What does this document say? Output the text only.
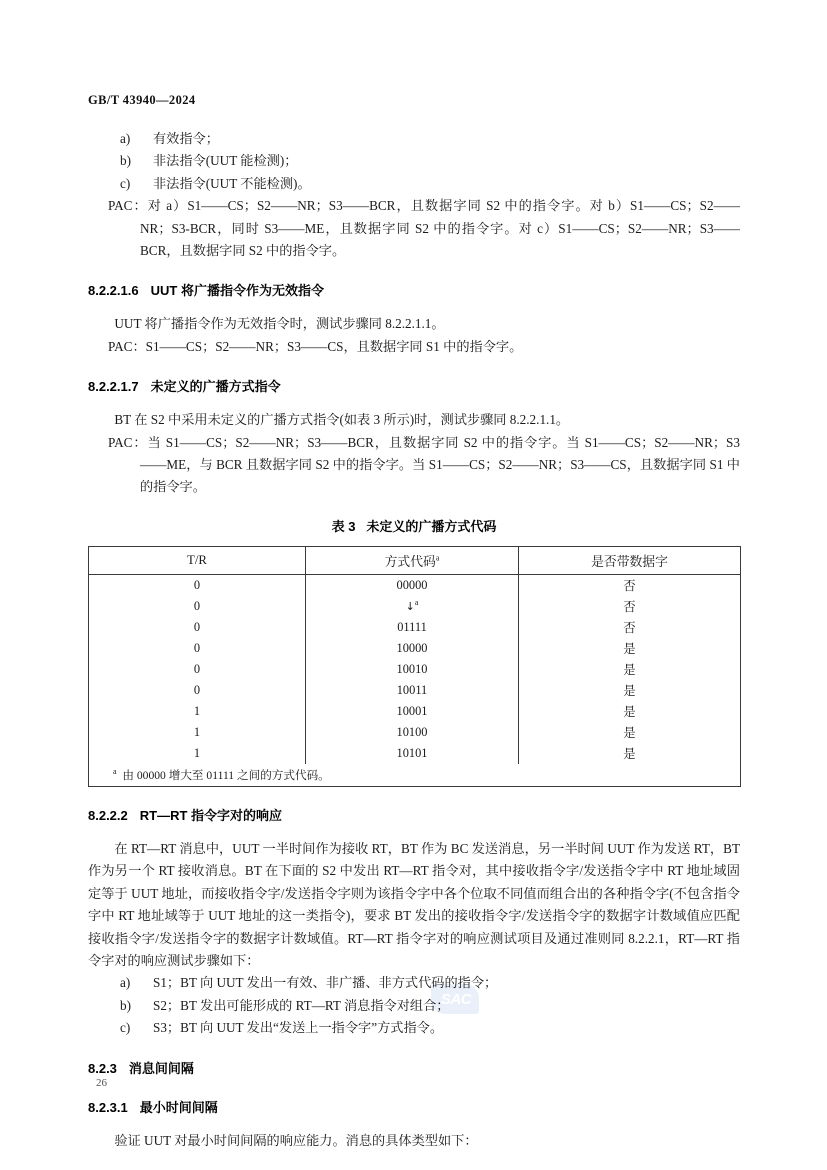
GB/T 43940—2024
SAC
a)	有效指令；
b)	非法指令(UUT 能检测)；
c)	非法指令(UUT 不能检测)。
PAC：对 a）S1——CS；S2——NR；S3——BCR，且数据字同 S2 中的指令字。对 b）S1——CS；S2——NR；S3-BCR，同时 S3——ME，且数据字同 S2 中的指令字。对 c）S1——CS；S2——NR；S3——BCR，且数据字同 S2 中的指令字。
8.2.2.1.6 UUT 将广播指令作为无效指令
UUT 将广播指令作为无效指令时，测试步骤同 8.2.2.1.1。
PAC：S1——CS；S2——NR；S3——CS，且数据字同 S1 中的指令字。
8.2.2.1.7 未定义的广播方式指令
BT 在 S2 中采用未定义的广播方式指令(如表 3 所示)时，测试步骤同 8.2.2.1.1。
PAC：当 S1——CS；S2——NR；S3——BCR，且数据字同 S2 中的指令字。当 S1——CS；S2——NR；S3——ME，与 BCR 且数据字同 S2 中的指令字。当 S1——CS；S2——NR；S3——CS，且数据字同 S1 中的指令字。
表 3 未定义的广播方式代码
T/R	方式代码$^a$	是否带数据字
0	00000	否
0	↓$^a$	否
0	01111	否
0	10000	是
0	10010	是
0	10011	是
1	10001	是
1	10100	是
1	10101	是
$^a$ 由 00000 增大至 01111 之间的方式代码。		
8.2.2.2 RT—RT 指令字对的响应
在 RT—RT 消息中，UUT 一半时间作为接收 RT，BT 作为 BC 发送消息，另一半时间 UUT 作为发送 RT，BT 作为另一个 RT 接收消息。BT 在下面的 S2 中发出 RT—RT 指令对，其中接收指令字/发送指令字中 RT 地址域固定等于 UUT 地址，而接收指令字/发送指令字则为该指令字中各个位取不同值而组合出的各种指令字(不包含指令字中 RT 地址域等于 UUT 地址的这一类指令)，要求 BT 发出的接收指令字/发送指令字的数据字计数域值应匹配接收指令字/发送指令字的数据字计数域值。RT—RT 指令字对的响应测试项目及通过准则同 8.2.2.1，RT—RT 指令字对的响应测试步骤如下：
a)	S1；BT 向 UUT 发出一有效、非广播、非方式代码的指令；
b)	S2；BT 发出可能形成的 RT—RT 消息指令对组合；
c)	S3；BT 向 UUT 发出“发送上一指令字”方式指令。
8.2.3 消息间间隔
8.2.3.1 最小时间间隔
验证 UUT 对最小时间间隔的响应能力。消息的具体类型如下：
26
